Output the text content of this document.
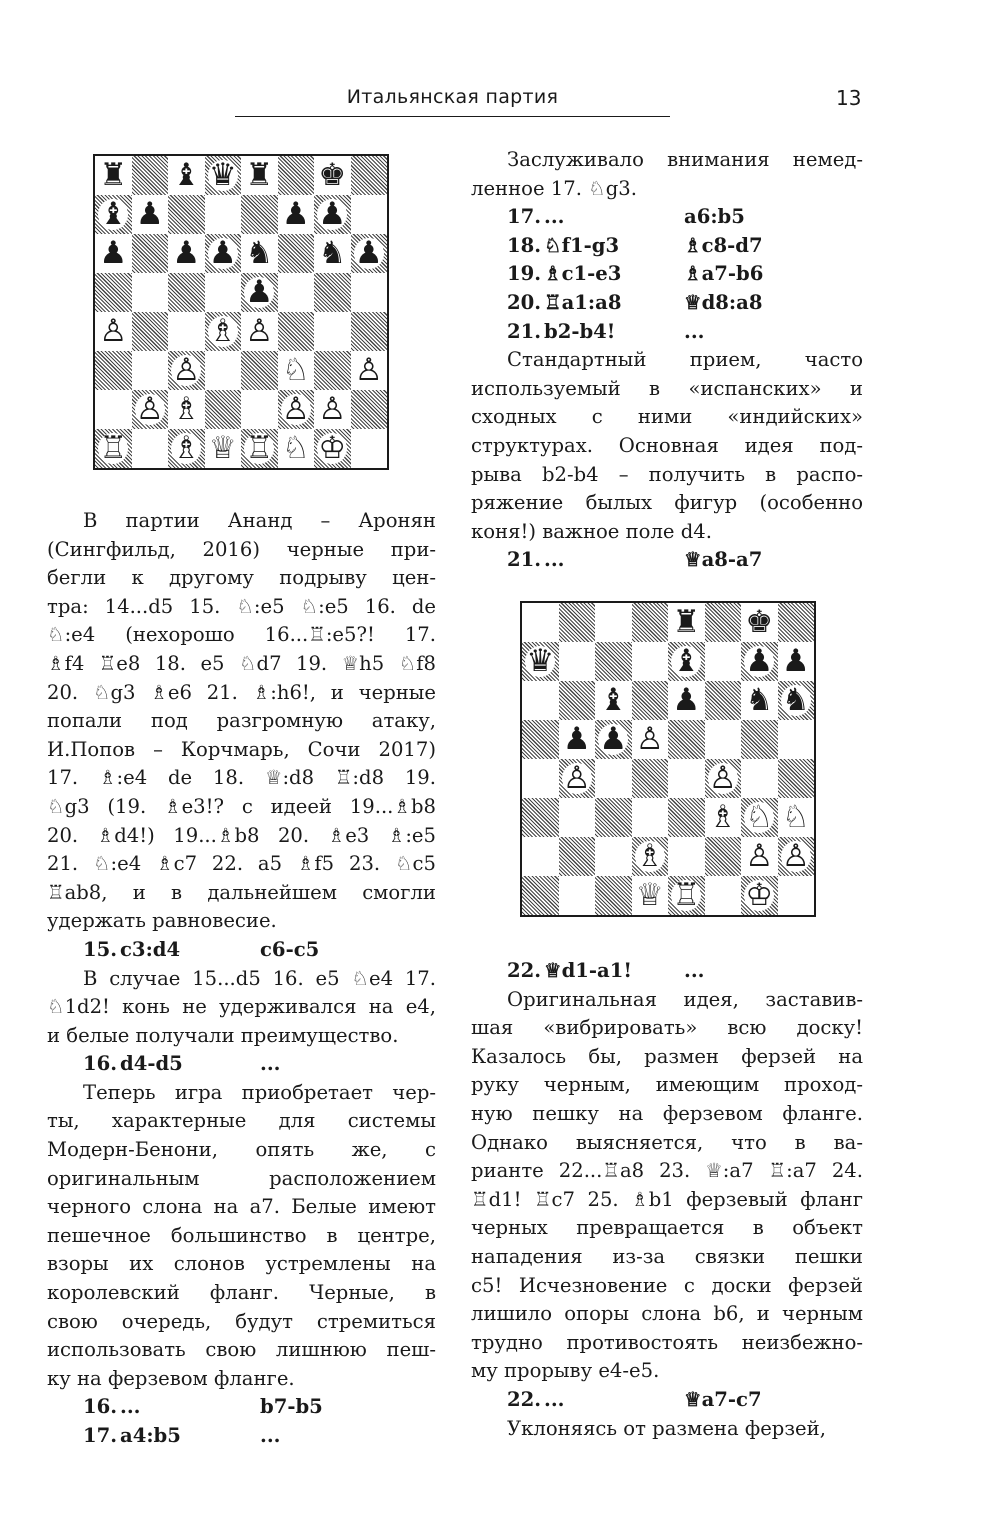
Итальянская партия	13
♜ ♝ ♛ ♜ ♚
♝ ♟	♟ ♟
♟ ♟ ♟ ♞ ♞ ♟
♟
♙	♗ ♙
♙	♘ ♙
♙ ♗	♙ ♙
♖ ♗ ♕ ♖ ♘ ♔
♜ ♚
♛	♝ ♟ ♟
♝ ♟ ♞ ♞
♟ ♟ ♙
♙	♙
♗ ♘ ♘
♗	♙ ♙
♕ ♖ ♔

В партии Ананд – Аронян

(Сингфильд, 2016) черные при-

бегли к другому подрыву цен-

тра: 14...d5 15. ♘:e5 ♘:e5 16. de

♘:e4 (нехорошо 16...♖:e5?! 17.

♗f4 ♖e8 18. e5 ♘d7 19. ♕h5 ♘f8

20. ♘g3 ♗e6 21. ♗:h6!, и черные

попали под разгромную атаку,

И.Попов – Корчмарь, Сочи 2017)

17. ♗:e4 de 18. ♕:d8 ♖:d8 19.

♘g3 (19. ♗e3!? с идеей 19...♗b8

20. ♗d4!) 19...♗b8 20. ♗e3 ♗:e5

21. ♘:e4 ♗c7 22. a5 ♗f5 23. ♘c5

♖ab8, и в дальнейшем смогли

удержать равновесие.

15. c3:d4	c6-c5

В случае 15...d5 16. e5 ♘e4 17.

♘1d2! конь не удерживался на e4,

и белые получали преимущество.

16. d4-d5	...

Теперь игра приобретает чер-

ты, характерные для системы

Модерн-Бенони, опять же, с

оригинальным расположением

черного слона на а7. Белые имеют

пешечное большинство в центре,

взоры их слонов устремлены на

королевский фланг. Черные, в

свою очередь, будут стремиться

использовать свою лишнюю пеш-

ку на ферзевом фланге.

16. ...	b7-b5
17. a4:b5	...

Заслуживало внимания немед-

ленное 17. ♘g3.

17. ...	a6:b5
18. ♘f1-g3	♗c8-d7
19. ♗c1-e3	♗a7-b6
20. ♖a1:a8	♕d8:a8
21. b2-b4!	...

Стандартный прием, часто

используемый в «испанских» и

сходных с ними «индийских»

структурах. Основная идея под-

рыва b2-b4 – получить в распо-

ряжение былых фигур (особенно

коня!) важное поле d4.

21. ...	♕a8-a7
22. ♕d1-a1!	...

Оригинальная идея, заставив-

шая «вибрировать» всю доску!

Казалось бы, размен ферзей на

руку черным, имеющим проход-

ную пешку на ферзевом фланге.

Однако выясняется, что в ва-

рианте 22...♖a8 23. ♕:a7 ♖:a7 24.

♖d1! ♖c7 25. ♗b1 ферзевый фланг

черных превращается в объект

нападения из-за связки пешки

c5! Исчезновение с доски ферзей

лишило опоры слона b6, и черным

трудно противостоять неизбежно-

му прорыву e4-e5.

22. ...	♕a7-c7

Уклоняясь от размена ферзей,
